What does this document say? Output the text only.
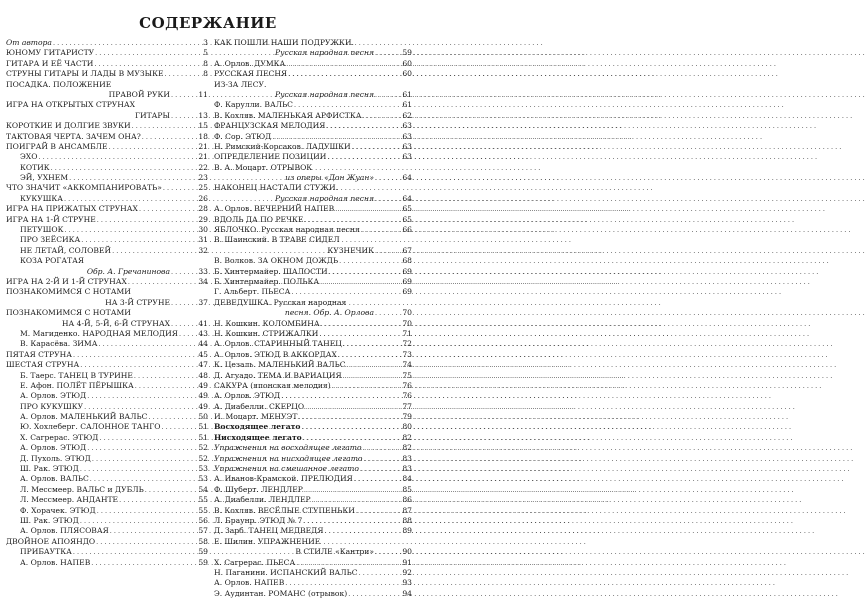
СОДЕРЖАНИЕ
От автора . . .	3
ЮНОМУ ГИТАРИСТУ . . .	5
ГИТАРА И ЕЁ ЧАСТИ . . .	8
СТРУНЫ ГИТАРЫ И ЛАДЫ В МУЗЫКЕ . . .	8
ПОСАДКА. ПОЛОЖЕНИЕ
ПРАВОЙ РУКИ . . .	11
ИГРА НА ОТКРЫТЫХ СТРУНАХ
ГИТАРЫ . . .	13
КОРОТКИЕ И ДОЛГИЕ ЗВУКИ . . .	15
ТАКТОВАЯ ЧЕРТА. ЗАЧЕМ ОНА? . . .	18
ПОИГРАЙ В АНСАМБЛЕ . . .	21
ЭХО . . .	21
КОТИК . . .	22
ЭЙ, УХНЕМ . . .	23
ЧТО ЗНАЧИТ «АККОМПАНИРОВАТЬ» . . .	25
КУКУШКА . . .	26
ИГРА НА ПРИЖАТЫХ СТРУНАХ . . .	28
ИГРА НА 1-Й СТРУНЕ . . .	29
ПЕТУШОК . . .	30
ПРО ЗЕЁСИКА . . .	31
НЕ ЛЕТАЙ, СОЛОВЕЙ . . .	32
КОЗА РОГАТАЯ
Обр. А. Гречанинова . . .	33
ИГРА НА 2-Й И 1-Й СТРУНАХ . . .	34
ПОЗНАКОМИМСЯ С НОТАМИ
НА 3-Й СТРУНЕ . . .	37
ПОЗНАКОМИМСЯ С НОТАМИ
НА 4-Й, 5-Й, 6-Й СТРУНАХ . . .	41
М. Магиденко. НАРОДНАЯ МЕЛОДИЯ . . .	43
В. Карасёва. ЗИМА . . .	44
ПЯТАЯ СТРУНА . . .	45
ШЕСТАЯ СТРУНА . . .	47
Б. Таерс. ТАНЕЦ В ТУРИНЕ . . .	48
Е. Афон. ПОЛЁТ ПЁРЫШКА . . .	49
А. Орлов. ЭТЮД . . .	49
ПРО КУКУШКУ . . .	49
А. Орлов. МАЛЕНЬКИЙ ВАЛЬС . . .	50
Ю. Хохлеберг. САЛОННОЕ ТАНГО . . .	51
Х. Сагрерас. ЭТЮД . . .	51
А. Орлов. ЭТЮД . . .	52
Д. Пухоль. ЭТЮД . . .	52
Ш. Рак. ЭТЮД . . .	53
А. Орлов. ВАЛЬС . . .	53
Л. Мессмеер. ВАЛЬС и ДУБЛЬ . . .	54
Л. Мессмеер. АНДАНТЕ . . .	55
Ф. Хорачек. ЭТЮД . . .	55
Ш. Рак. ЭТЮД . . .	56
А. Орлов. ПЛЯСОВАЯ . . .	57
ДВОЙНОЕ АПОЯНДО . . .	58
ПРИБАУТКА . . .	59
А. Орлов. НАПЕВ . . .	59
КАК ПОШЛИ НАШИ ПОДРУЖКИ.
Русская народная песня . . .	59
А. Орлов. ДУМКА . . .	60
РУССКАЯ ПЕСНЯ . . .	60
ИЗ-ЗА ЛЕСУ.
Русская народная песня . . .	61
Ф. Карулли. ВАЛЬС . . .	61
В. Кохляв. МАЛЕНЬКАЯ АРФИСТКА . . .	62
ФРАНЦУЗСКАЯ МЕЛОДИЯ . . .	63
Ф. Сор. ЭТЮД . . .	63
Н. Римский-Корсаков. ЛАДУШКИ . . .	63
ОПРЕДЕЛЕНИЕ ПОЗИЦИИ . . .	63
В. А. Моцарт. ОТРЫВОК
из оперы «Дон Жуан» . . .	64
НАКОНЕЦ НАСТАЛИ СТУЖИ.
Русская народная песня . . .	64
А. Орлов. ВЕЧЕРНИЙ НАПЕВ . . .	65
ВДОЛЬ ДА ПО РЕЧКЕ . . .	65
ЯБЛОЧКО. Русская народная песня . . .	66
В. Шаинский. В ТРАВЕ СИДЕЛ
КУЗНЕЧИК . . .	67
В. Волков. ЗА ОКНОМ ДОЖДЬ . . .	68
Б. Хинтермайер. ШАЛОСТИ . . .	69
Б. Хинтермайер. ПОЛЬКА . . .	69
Г. Альберт. ПЬЕСА . . .	69
ДЕВЕДУШКА. Русская народная
песня. Обр. А. Орлова . . .	70
Н. Кошкин. КОЛОМБИНА . . .	70
Н. Кошкин. СТРИЖАЛКИ . . .	71
А. Орлов. СТАРИННЫЙ ТАНЕЦ . . .	72
А. Орлов. ЭТЮД В АККОРДАХ . . .	73
К. Цезаль. МАЛЕНЬКИЙ ВАЛЬС . . .	74
Д. Агуадо. ТЕМА И ВАРИАЦИЯ . . .	75
САКУРА (японская мелодия) . . .	76
А. Орлов. ЭТЮД . . .	76
А. Диабелли. СКЕРЦО . . .	77
И. Моцарт. МЕНУЭТ . . .	79
Восходящее легато . . .	80
Нисходящее легато . . .	82
Упражнения на восходящее легато . . .	82
Упражнения на нисходящее легато . . .	83
Упражнения на смешанное легато . . .	83
А. Иванов-Крамской. ПРЕЛЮДИЯ . . .	84
Ф. Шуберт. ЛЕНДЛЕР . . .	85
А. Диабелли. ЛЕНДЛЕР . . .	86
В. Кохляв. ВЕСЁЛЫЕ СТУПЕНЬКИ . . .	87
Л. Браунр. ЭТЮД № 7 . . .	88
Д. Зарб. ТАНЕЦ МЕДВЕДЯ . . .	89
Е. Шилин. УПРАЖНЕНИЕ
В СТИЛЕ «Кантри» . . .	90
Х. Сагрерас. ПЬЕСА . . .	91
Н. Паганини. ИСПАНСКИЙ ВАЛЬС . . .	92
А. Орлов. НАПЕВ . . .	93
Э. Аудинтан. РОМАНС (отрывок) . . .	94
